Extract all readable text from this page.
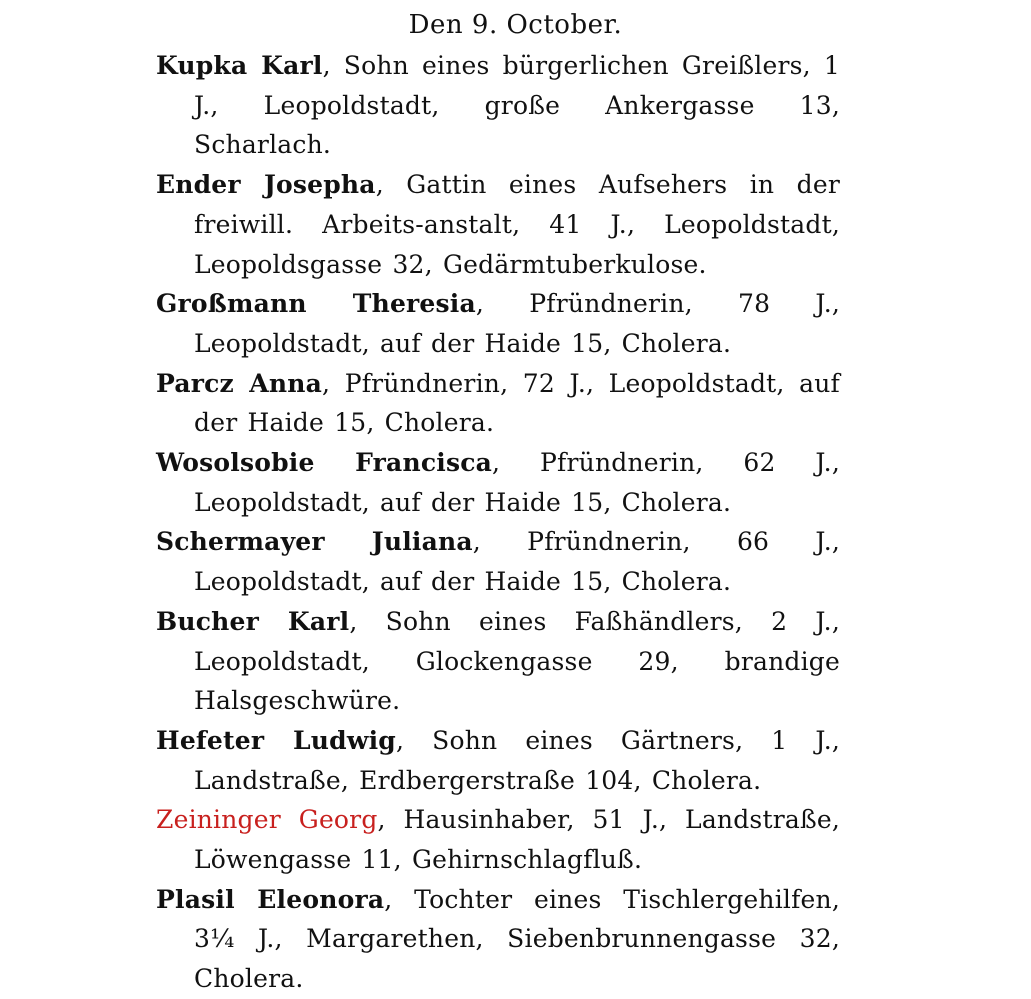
Den 9. October.
Kupka Karl, Sohn eines bürgerlichen Greißlers, 1 J., Leopoldstadt, große Ankergasse 13, Scharlach.
Ender Josepha, Gattin eines Aufsehers in der freiwill. Arbeits-anstalt, 41 J., Leopoldstadt, Leopoldsgasse 32, Gedärmtuberkulose.
Großmann Theresia, Pfründnerin, 78 J., Leopoldstadt, auf der Haide 15, Cholera.
Parcz Anna, Pfründnerin, 72 J., Leopoldstadt, auf der Haide 15, Cholera.
Wosolsobie Francisca, Pfründnerin, 62 J., Leopoldstadt, auf der Haide 15, Cholera.
Schermayer Juliana, Pfründnerin, 66 J., Leopoldstadt, auf der Haide 15, Cholera.
Bucher Karl, Sohn eines Faßhändlers, 2 J., Leopoldstadt, Glockengasse 29, brandige Halsgeschwüre.
Hefeter Ludwig, Sohn eines Gärtners, 1 J., Landstraße, Erdbergerstraße 104, Cholera.
Zeininger Georg, Hausinhaber, 51 J., Landstraße, Löwengasse 11, Gehirnschlagfluß.
Plasil Eleonora, Tochter eines Tischlergehilfen, 3¼ J., Margarethen, Siebenbrunnengasse 32, Cholera.
